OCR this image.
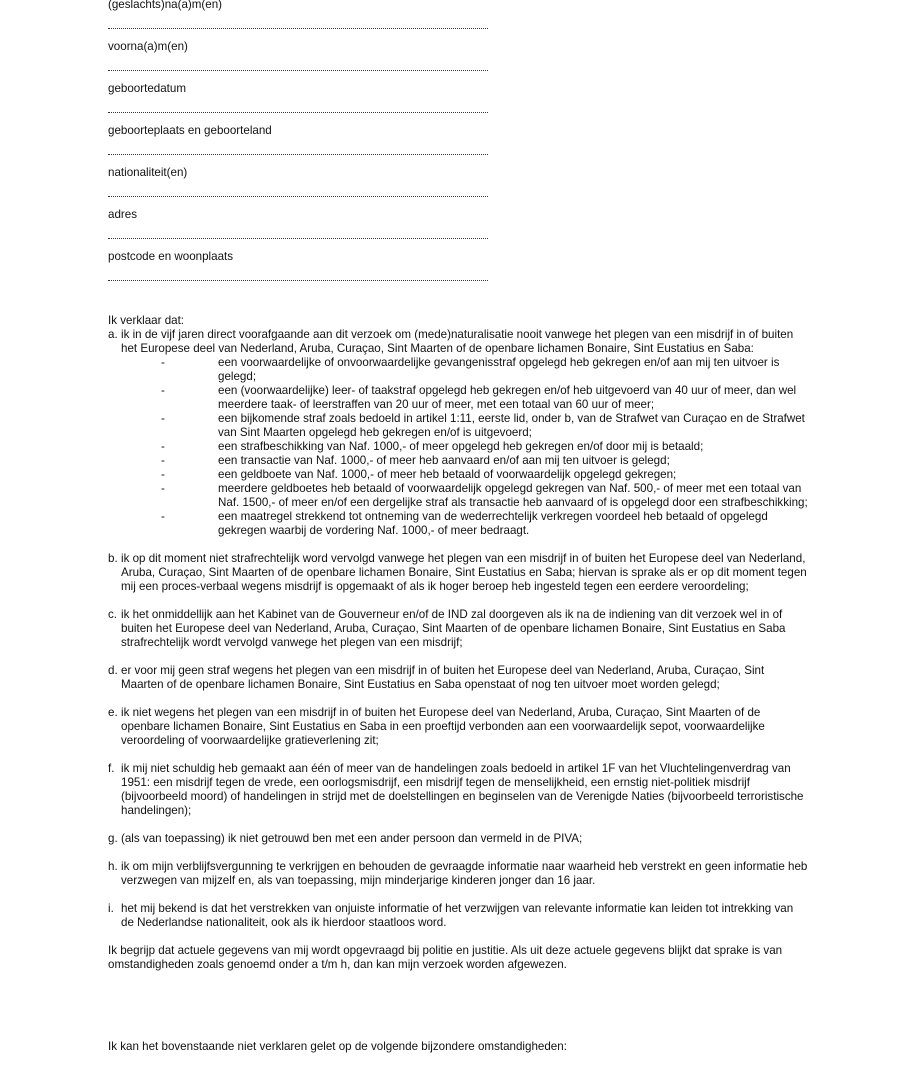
(geslachts)na(a)m(en)
voorna(a)m(en)
geboortedatum
geboorteplaats en geboorteland
nationaliteit(en)
adres
postcode en woonplaats
Ik verklaar dat:
a. ik in de vijf jaren direct voorafgaande aan dit verzoek om (mede)naturalisatie nooit vanwege het plegen van een misdrijf in of buiten het Europese deel van Nederland, Aruba, Curaçao, Sint Maarten of de openbare lichamen Bonaire, Sint Eustatius en Saba:
-	een voorwaardelijke of onvoorwaardelijke gevangenisstraf opgelegd heb gekregen en/of aan mij ten uitvoer is gelegd;
-	een (voorwaardelijke) leer- of taakstraf opgelegd heb gekregen en/of heb uitgevoerd van 40 uur of meer, dan wel meerdere taak- of leerstraffen van 20 uur of meer, met een totaal van 60 uur of meer;
-	een bijkomende straf zoals bedoeld in artikel 1:11, eerste lid, onder b, van de Strafwet van Curaçao en de Strafwet van Sint Maarten opgelegd heb gekregen en/of is uitgevoerd;
-	een strafbeschikking van Naf. 1000,- of meer opgelegd heb gekregen en/of door mij is betaald;
-	een transactie van Naf. 1000,- of meer heb aanvaard en/of aan mij ten uitvoer is gelegd;
-	een geldboete van Naf. 1000,- of meer heb betaald of voorwaardelijk opgelegd gekregen;
-	meerdere geldboetes heb betaald of voorwaardelijk opgelegd gekregen van Naf. 500,- of meer met een totaal van Naf. 1500,- of meer en/of een dergelijke straf als transactie heb aanvaard of is opgelegd door een strafbeschikking;
-	een maatregel strekkend tot ontneming van de wederrechtelijk verkregen voordeel heb betaald of opgelegd gekregen waarbij de vordering Naf. 1000,- of meer bedraagt.
b. ik op dit moment niet strafrechtelijk word vervolgd vanwege het plegen van een misdrijf in of buiten het Europese deel van Nederland, Aruba, Curaçao, Sint Maarten of de openbare lichamen Bonaire, Sint Eustatius en Saba; hiervan is sprake als er op dit moment tegen mij een proces-verbaal wegens misdrijf is opgemaakt of als ik hoger beroep heb ingesteld tegen een eerdere veroordeling;
c. ik het onmiddellijk aan het Kabinet van de Gouverneur en/of de IND zal doorgeven als ik na de indiening van dit verzoek wel in of buiten het Europese deel van Nederland, Aruba, Curaçao, Sint Maarten of de openbare lichamen Bonaire, Sint Eustatius en Saba strafrechtelijk wordt vervolgd vanwege het plegen van een misdrijf;
d. er voor mij geen straf wegens het plegen van een misdrijf in of buiten het Europese deel van Nederland, Aruba, Curaçao, Sint Maarten of de openbare lichamen Bonaire, Sint Eustatius en Saba openstaat of nog ten uitvoer moet worden gelegd;
e. ik niet wegens het plegen van een misdrijf in of buiten het Europese deel van Nederland, Aruba, Curaçao, Sint Maarten of de openbare lichamen Bonaire, Sint Eustatius en Saba in een proeftijd verbonden aan een voorwaardelijk sepot, voorwaardelijke veroordeling of voorwaardelijke gratieverlening zit;
f. ik mij niet schuldig heb gemaakt aan één of meer van de handelingen zoals bedoeld in artikel 1F van het Vluchtelingenverdrag van 1951: een misdrijf tegen de vrede, een oorlogsmisdrijf, een misdrijf tegen de menselijkheid, een ernstig niet-politiek misdrijf (bijvoorbeeld moord) of handelingen in strijd met de doelstellingen en beginselen van de Verenigde Naties (bijvoorbeeld terroristische handelingen);
g. (als van toepassing) ik niet getrouwd ben met een ander persoon dan vermeld in de PIVA;
h. ik om mijn verblijfsvergunning te verkrijgen en behouden de gevraagde informatie naar waarheid heb verstrekt en geen informatie heb verzwegen van mijzelf en, als van toepassing, mijn minderjarige kinderen jonger dan 16 jaar.
i. het mij bekend is dat het verstrekken van onjuiste informatie of het verzwijgen van relevante informatie kan leiden tot intrekking van de Nederlandse nationaliteit, ook als ik hierdoor staatloos word.
Ik begrijp dat actuele gegevens van mij wordt opgevraagd bij politie en justitie. Als uit deze actuele gegevens blijkt dat sprake is van omstandigheden zoals genoemd onder a t/m h, dan kan mijn verzoek worden afgewezen.
Ik kan het bovenstaande niet verklaren gelet op de volgende bijzondere omstandigheden:
